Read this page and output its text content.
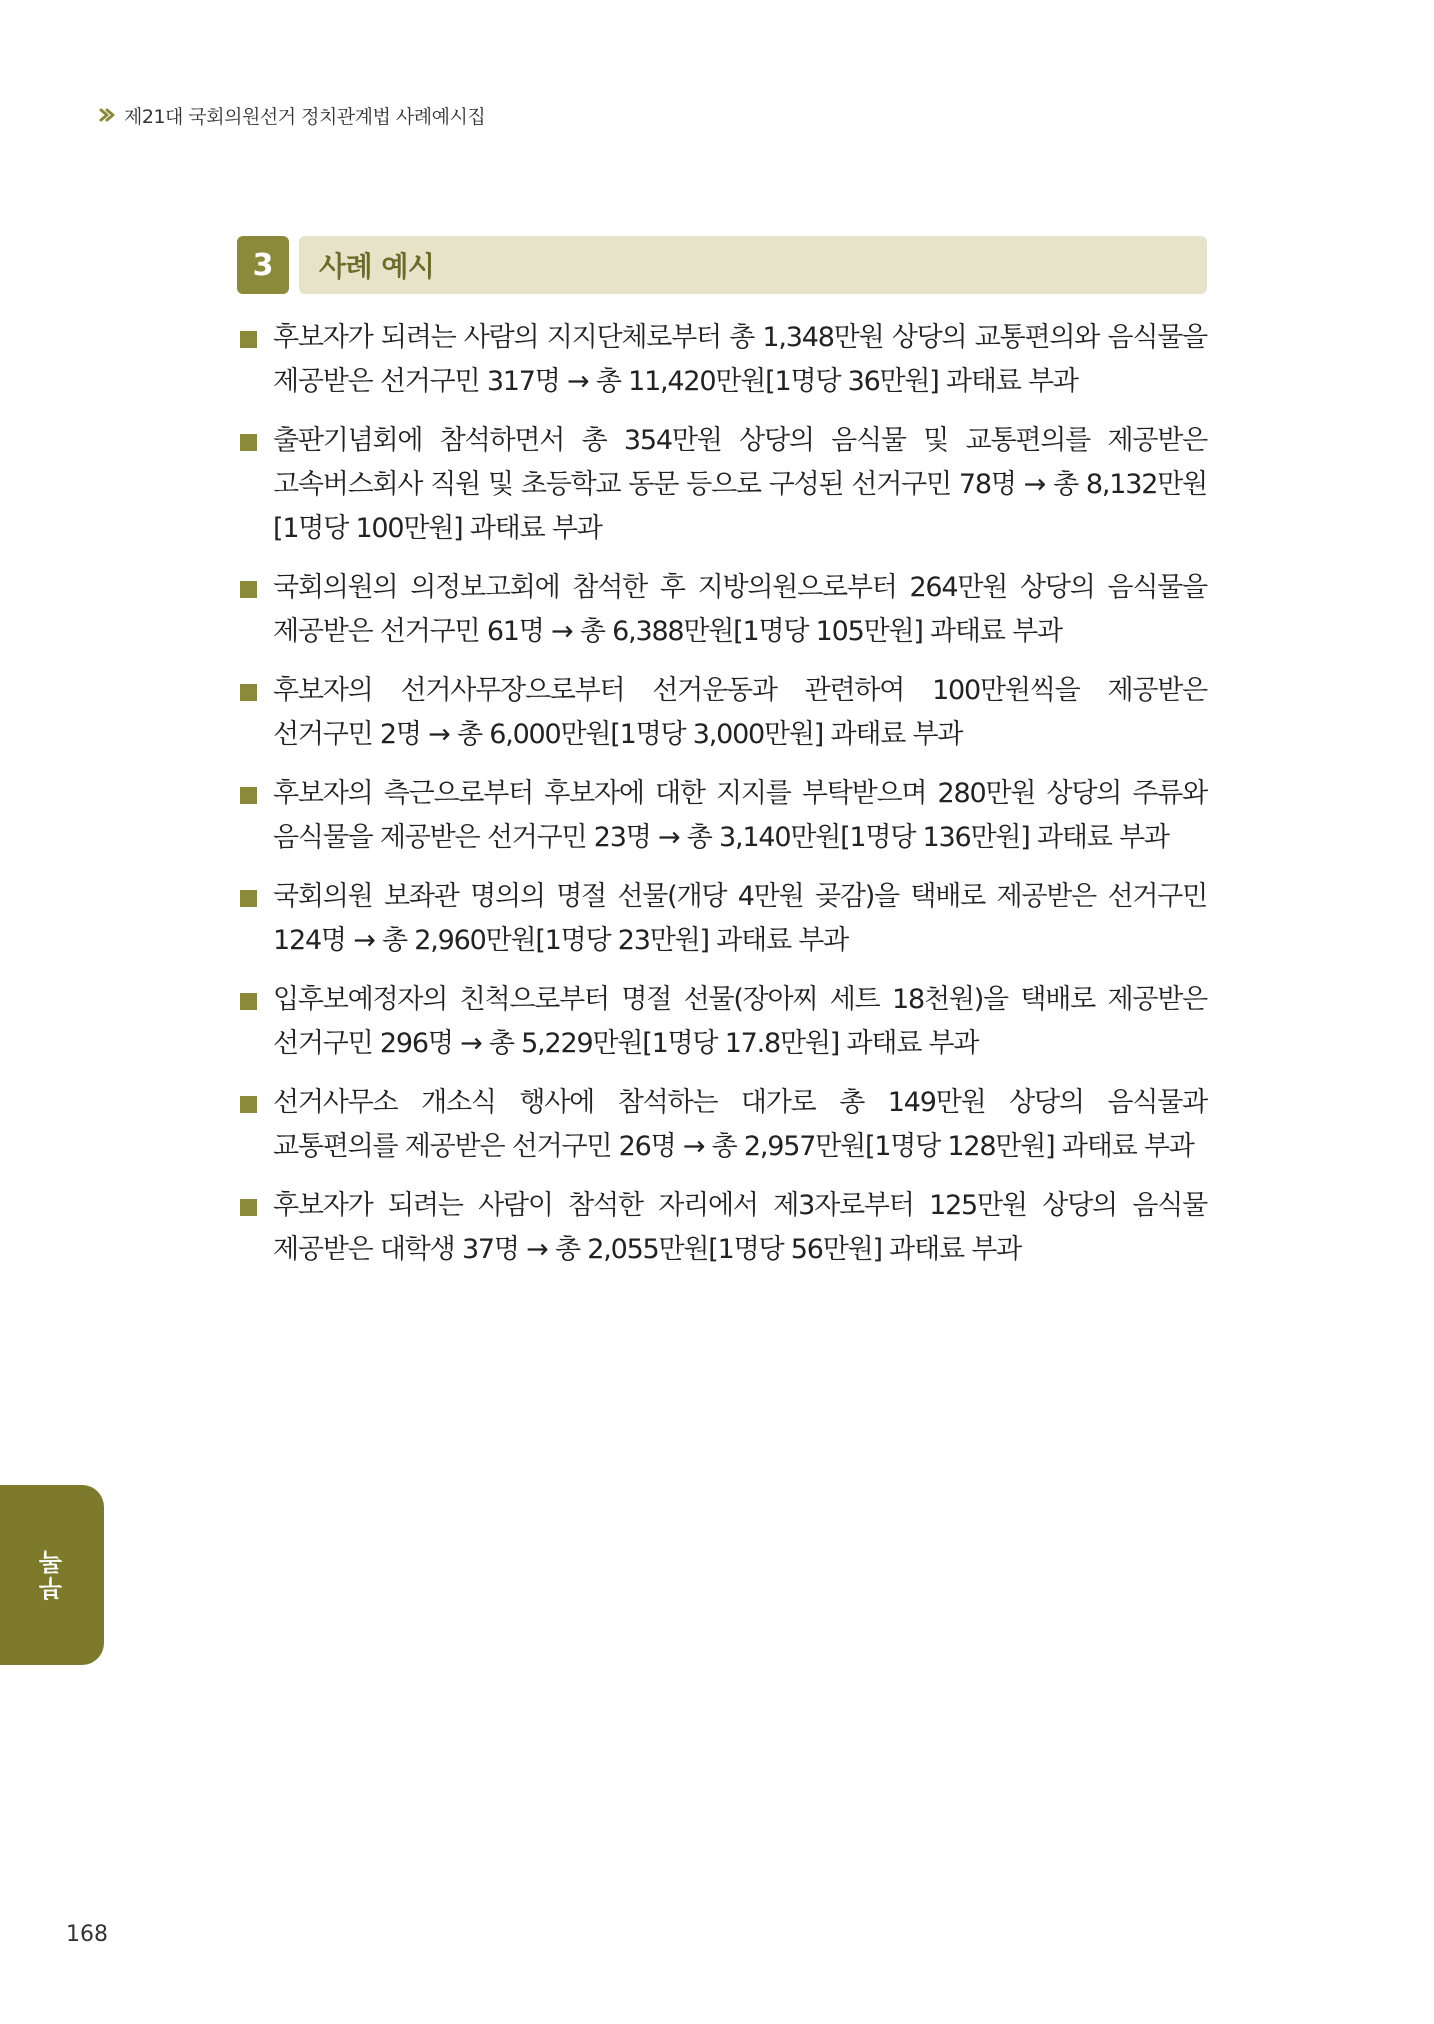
제21대 국회의원선거 정치관계법 사례예시집
3	사례 예시
후보자가 되려는 사람의 지지단체로부터 총 1,348만원 상당의 교통편의와 음식물을 제공받은 선거구민 317명 → 총 11,420만원[1명당 36만원] 과태료 부과
출판기념회에 참석하면서 총 354만원 상당의 음식물 및 교통편의를 제공받은 고속버스회사 직원 및 초등학교 동문 등으로 구성된 선거구민 78명 → 총 8,132만원 [1명당 100만원] 과태료 부과
국회의원의 의정보고회에 참석한 후 지방의원으로부터 264만원 상당의 음식물을 제공받은 선거구민 61명 → 총 6,388만원[1명당 105만원] 과태료 부과
후보자의 선거사무장으로부터 선거운동과 관련하여 100만원씩을 제공받은 선거구민 2명 → 총 6,000만원[1명당 3,000만원] 과태료 부과
후보자의 측근으로부터 후보자에 대한 지지를 부탁받으며 280만원 상당의 주류와 음식물을 제공받은 선거구민 23명 → 총 3,140만원[1명당 136만원] 과태료 부과
국회의원 보좌관 명의의 명절 선물(개당 4만원 곶감)을 택배로 제공받은 선거구민 124명 → 총 2,960만원[1명당 23만원] 과태료 부과
입후보예정자의 친척으로부터 명절 선물(장아찌 세트 18천원)을 택배로 제공받은 선거구민 296명 → 총 5,229만원[1명당 17.8만원] 과태료 부과
선거사무소 개소식 행사에 참석하는 대가로 총 149만원 상당의 음식물과 교통편의를 제공받은 선거구민 26명 → 총 2,957만원[1명당 128만원] 과태료 부과
후보자가 되려는 사람이 참석한 자리에서 제3자로부터 125만원 상당의 음식물 제공받은 대학생 37명 → 총 2,055만원[1명당 56만원] 과태료 부과
부록
168
